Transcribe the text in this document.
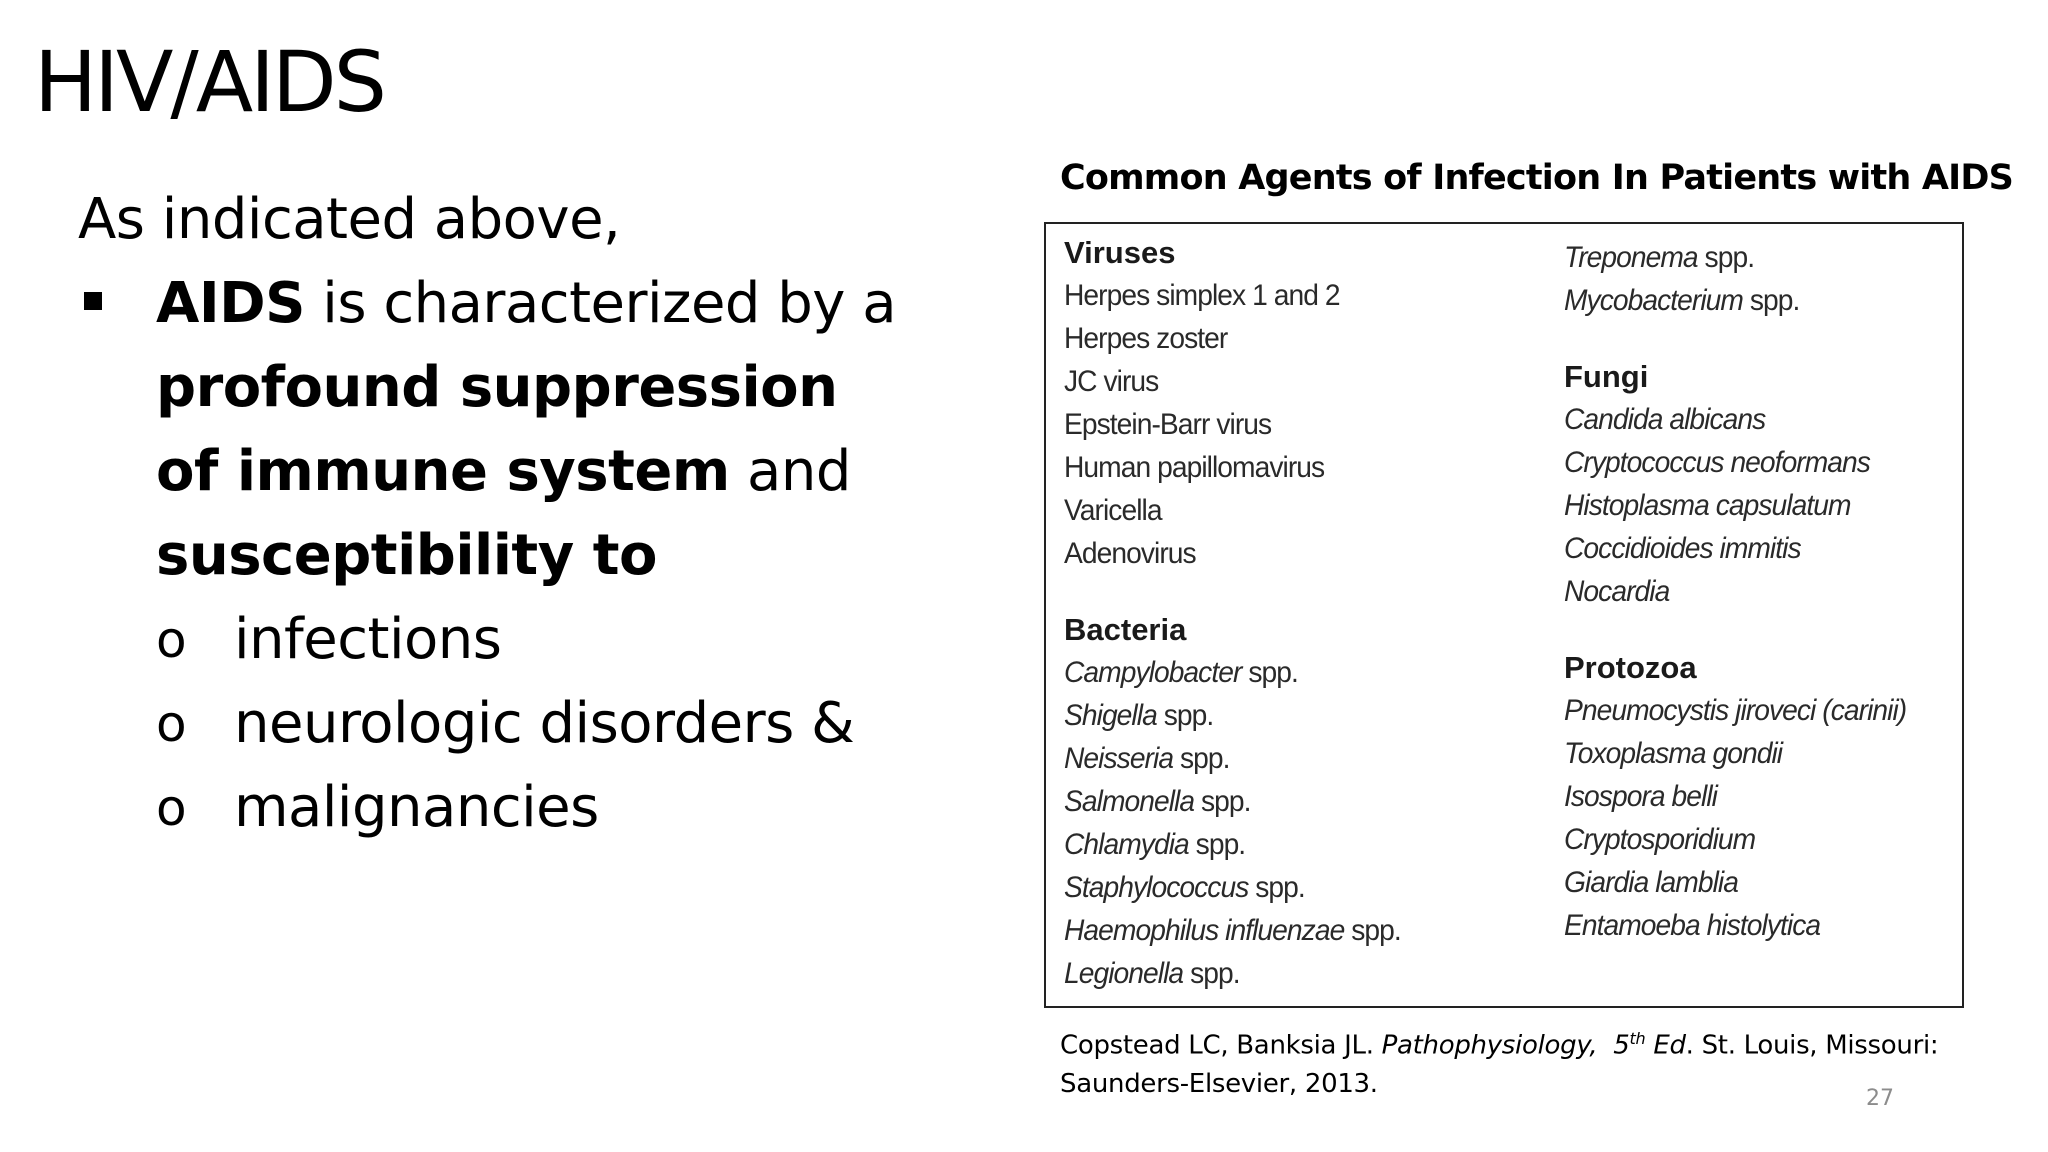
HIV/AIDS
As indicated above,
AIDS is characterized by a profound suppression of immune system and susceptibility to
o infections
o neurologic disorders &
o malignancies
Common Agents of Infection In Patients with AIDS
Viruses
Herpes simplex 1 and 2
Herpes zoster
JC virus
Epstein-Barr virus
Human papillomavirus
Varicella
Adenovirus
Bacteria
Campylobacter spp.
Shigella spp.
Neisseria spp.
Salmonella spp.
Chlamydia spp.
Staphylococcus spp.
Haemophilus influenzae spp.
Legionella spp.
Treponema spp.
Mycobacterium spp.
Fungi
Candida albicans
Cryptococcus neoformans
Histoplasma capsulatum
Coccidioides immitis
Nocardia
Protozoa
Pneumocystis jiroveci (carinii)
Toxoplasma gondii
Isospora belli
Cryptosporidium
Giardia lamblia
Entamoeba histolytica
Copstead LC, Banksia JL. Pathophysiology, 5th Ed. St. Louis, Missouri: Saunders-Elsevier, 2013.	27
